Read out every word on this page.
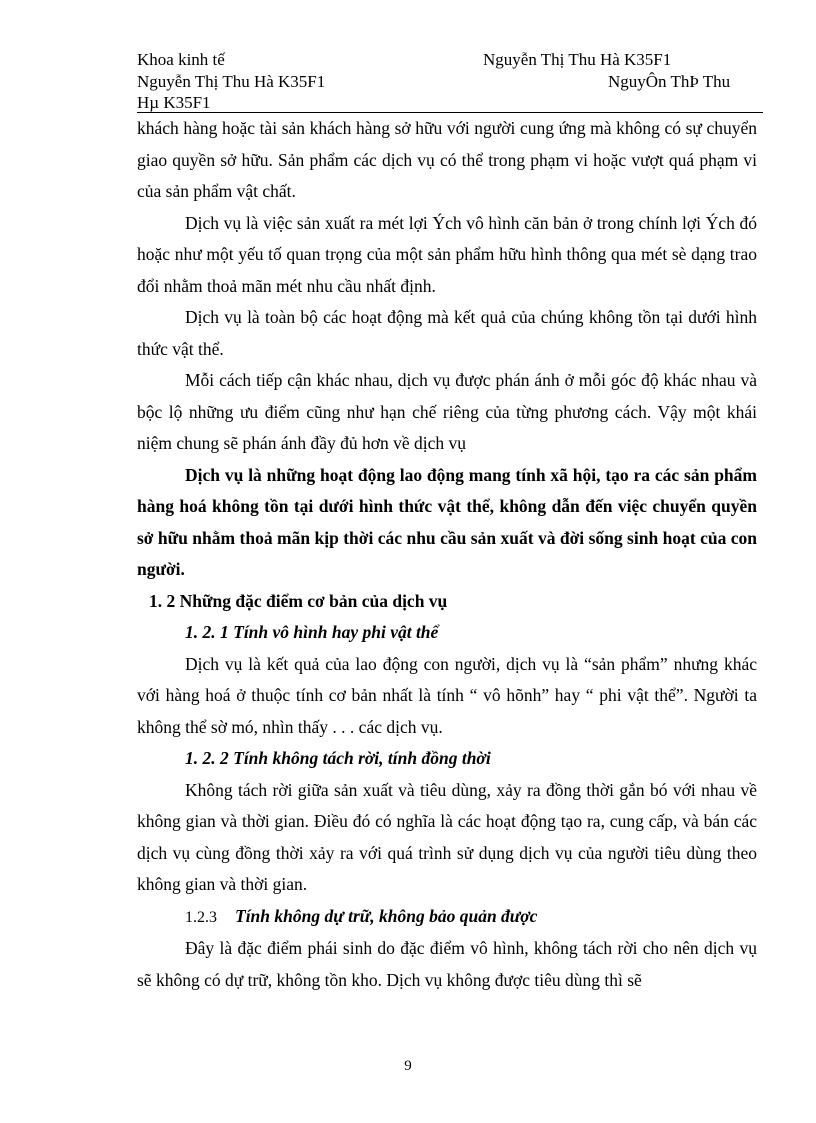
Khoa kinh tế	Nguyễn Thị Thu Hà K35F1
Nguyễn Thị Thu Hà K35F1	NguyÔn ThÞ Thu
Hµ K35F1

khách hàng hoặc tài sản khách hàng sở hữu với người cung ứng mà không có sự chuyển giao quyền sở hữu. Sản phẩm các dịch vụ có thể trong phạm vi hoặc vượt quá phạm vi của sản phẩm vật chất.

Dịch vụ là việc sản xuất ra mét lợi Ých vô hình căn bản ở trong chính lợi Ých đó hoặc như một yếu tố quan trọng của một sản phẩm hữu hình thông qua mét sè dạng trao đổi nhằm thoả mãn mét nhu cầu nhất định.

Dịch vụ là toàn bộ các hoạt động mà kết quả của chúng không tồn tại dưới hình thức vật thể.

Mỗi cách tiếp cận khác nhau, dịch vụ được phán ánh ở mỗi góc độ khác nhau và bộc lộ những ưu điểm cũng như hạn chế riêng của từng phương cách. Vậy một khái niệm chung sẽ phán ánh đầy đủ hơn về dịch vụ

Dịch vụ là những hoạt động lao động mang tính xã hội, tạo ra các sản phẩm hàng hoá không tồn tại dưới hình thức vật thể, không dẫn đến việc chuyển quyền sở hữu nhằm thoả mãn kịp thời các nhu cầu sản xuất và đời sống sinh hoạt của con người.

1. 2 Những đặc điểm cơ bản của dịch vụ

1. 2. 1 Tính vô hình hay phi vật thể

Dịch vụ là kết quả của lao động con người, dịch vụ là “sản phẩm” nhưng khác với hàng hoá ở thuộc tính cơ bản nhất là tính “ vô hõnh” hay “ phi vật thể”. Người ta không thể sờ mó, nhìn thấy . . . các dịch vụ.

1. 2. 2 Tính không tách rời, tính đồng thời

Không tách rời giữa sản xuất và tiêu dùng, xảy ra đồng thời gắn bó với nhau về không gian và thời gian. Điều đó có nghĩa là các hoạt động tạo ra, cung cấp, và bán các dịch vụ cùng đồng thời xảy ra với quá trình sử dụng dịch vụ của người tiêu dùng theo không gian và thời gian.

1.2.3 Tính không dự trữ, không bảo quản được

Đây là đặc điểm phái sinh do đặc điểm vô hình, không tách rời cho nên dịch vụ sẽ không có dự trữ, không tồn kho. Dịch vụ không được tiêu dùng thì sẽ

9
